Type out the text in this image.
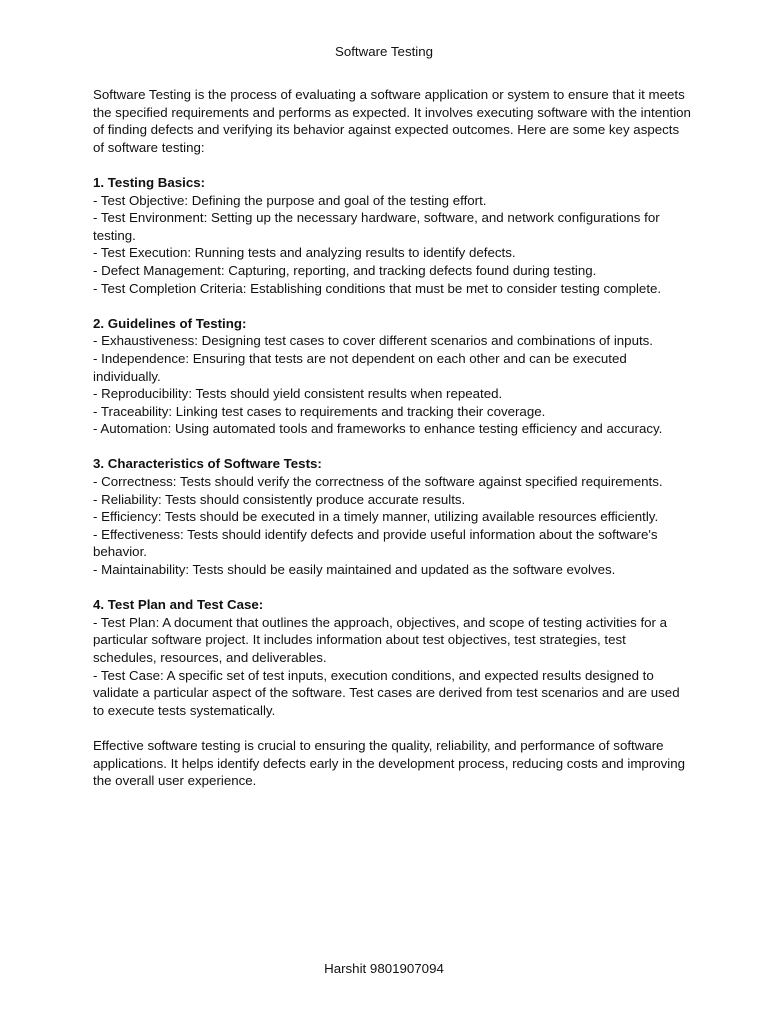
Software Testing

Software Testing is the process of evaluating a software application or system to ensure that it meets the specified requirements and performs as expected. It involves executing software with the intention of finding defects and verifying its behavior against expected outcomes. Here are some key aspects of software testing:

1. Testing Basics:

- Test Objective: Defining the purpose and goal of the testing effort.

- Test Environment: Setting up the necessary hardware, software, and network configurations for testing.

- Test Execution: Running tests and analyzing results to identify defects.

- Defect Management: Capturing, reporting, and tracking defects found during testing.

- Test Completion Criteria: Establishing conditions that must be met to consider testing complete.

2. Guidelines of Testing:

- Exhaustiveness: Designing test cases to cover different scenarios and combinations of inputs.

- Independence: Ensuring that tests are not dependent on each other and can be executed individually.

- Reproducibility: Tests should yield consistent results when repeated.

- Traceability: Linking test cases to requirements and tracking their coverage.

- Automation: Using automated tools and frameworks to enhance testing efficiency and accuracy.

3. Characteristics of Software Tests:

- Correctness: Tests should verify the correctness of the software against specified requirements.

- Reliability: Tests should consistently produce accurate results.

- Efficiency: Tests should be executed in a timely manner, utilizing available resources efficiently.

- Effectiveness: Tests should identify defects and provide useful information about the software's behavior.

- Maintainability: Tests should be easily maintained and updated as the software evolves.

4. Test Plan and Test Case:

- Test Plan: A document that outlines the approach, objectives, and scope of testing activities for a particular software project. It includes information about test objectives, test strategies, test schedules, resources, and deliverables.

- Test Case: A specific set of test inputs, execution conditions, and expected results designed to validate a particular aspect of the software. Test cases are derived from test scenarios and are used to execute tests systematically.

Effective software testing is crucial to ensuring the quality, reliability, and performance of software applications. It helps identify defects early in the development process, reducing costs and improving the overall user experience.

Harshit 9801907094
